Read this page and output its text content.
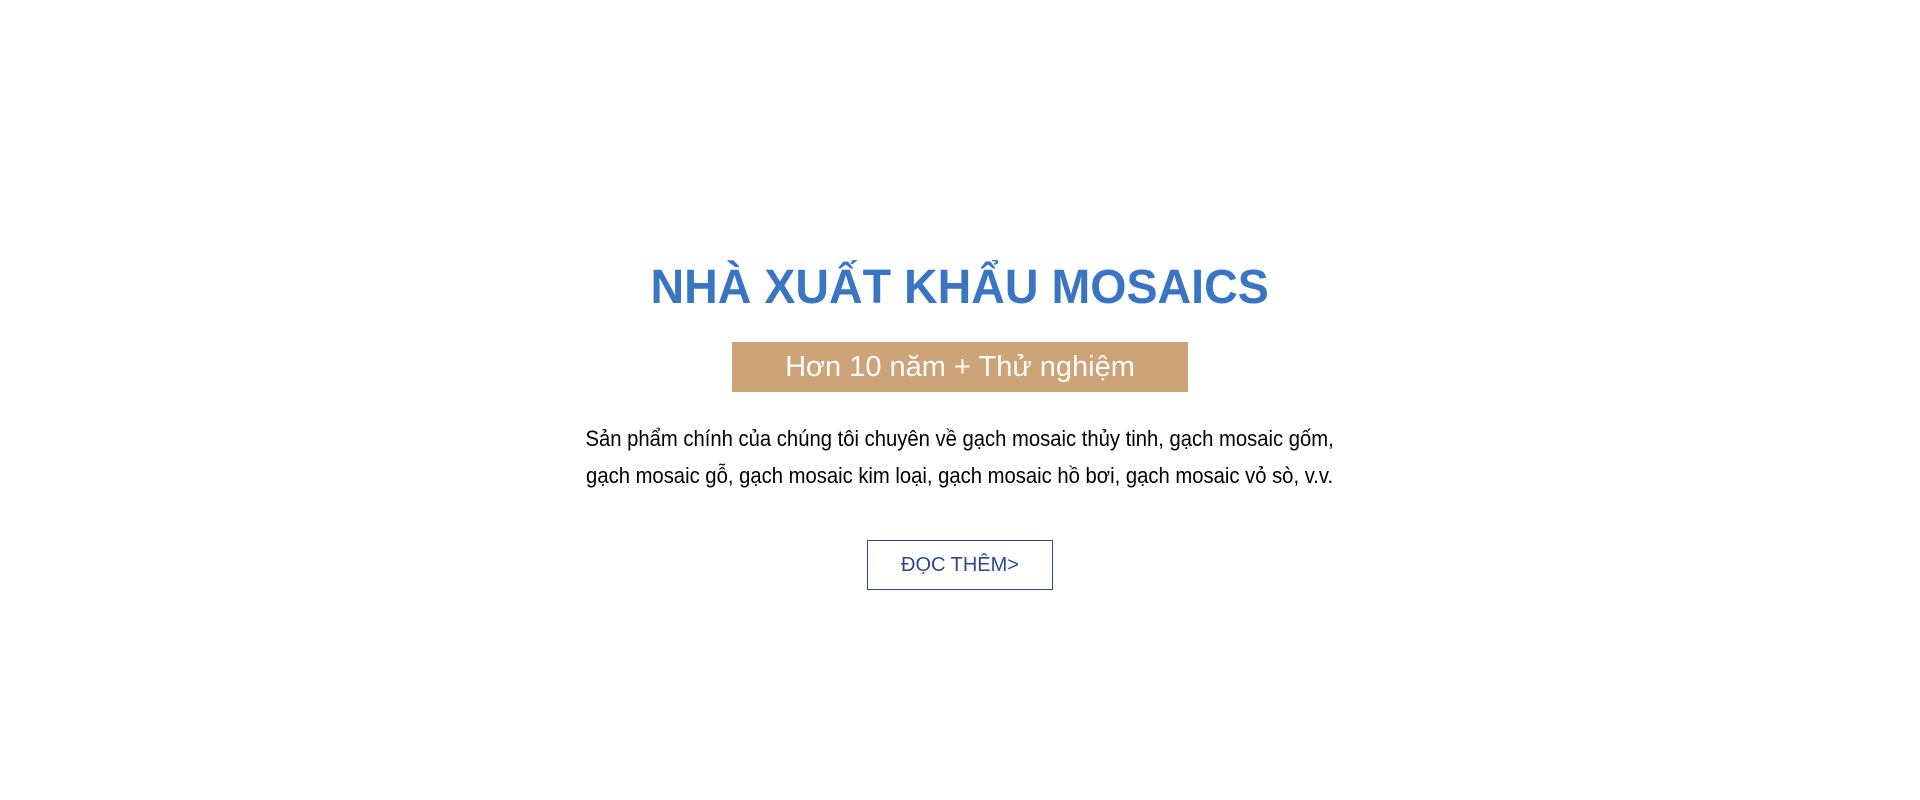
NHÀ XUẤT KHẨU MOSAICS
Hơn 10 năm + Thử nghiệm

Sản phẩm chính của chúng tôi chuyên về gạch mosaic thủy tinh, gạch mosaic gốm,
gạch mosaic gỗ, gạch mosaic kim loại, gạch mosaic hồ bơi, gạch mosaic vỏ sò, v.v.

ĐỌC THÊM>
